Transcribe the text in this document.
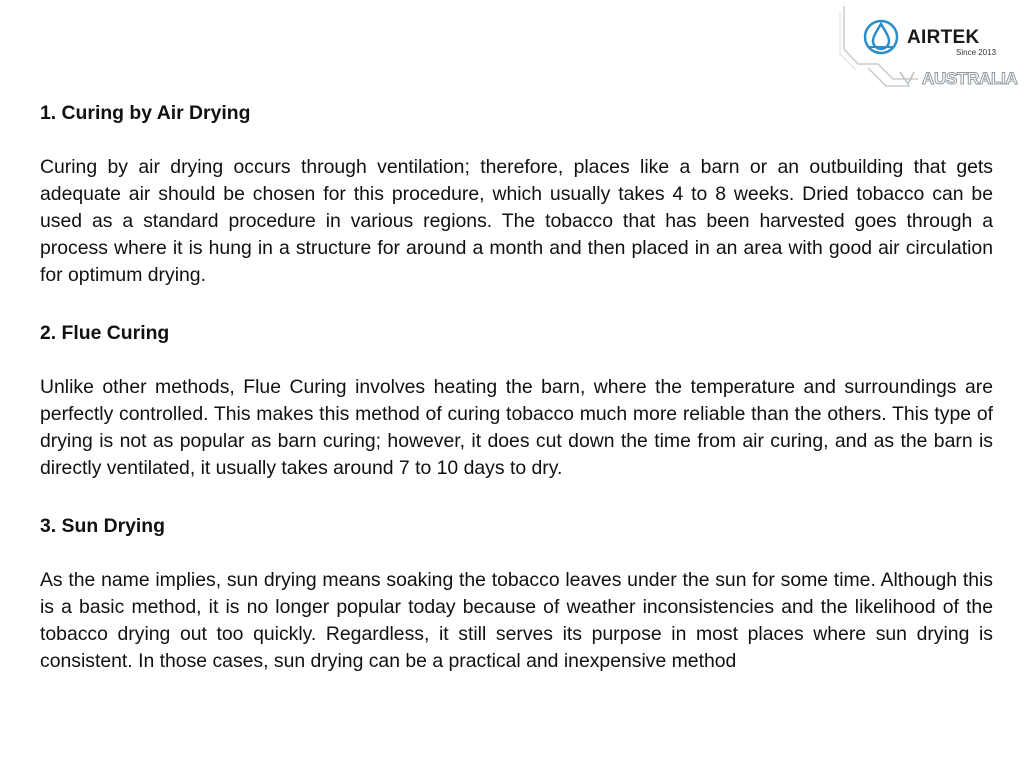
AIRTEK
Since 2013
AUSTRALIA
1. Curing by Air Drying

Curing by air drying occurs through ventilation; therefore, places like a barn or an outbuilding that gets adequate air should be chosen for this procedure, which usually takes 4 to 8 weeks. Dried tobacco can be used as a standard procedure in various regions. The tobacco that has been harvested goes through a process where it is hung in a structure for around a month and then placed in an area with good air circulation for optimum drying.

2. Flue Curing

Unlike other methods, Flue Curing involves heating the barn, where the temperature and surroundings are perfectly controlled. This makes this method of curing tobacco much more reliable than the others. This type of drying is not as popular as barn curing; however, it does cut down the time from air curing, and as the barn is directly ventilated, it usually takes around 7 to 10 days to dry.

3. Sun Drying

As the name implies, sun drying means soaking the tobacco leaves under the sun for some time. Although this is a basic method, it is no longer popular today because of weather inconsistencies and the likelihood of the tobacco drying out too quickly. Regardless, it still serves its purpose in most places where sun drying is consistent. In those cases, sun drying can be a practical and inexpensive method
